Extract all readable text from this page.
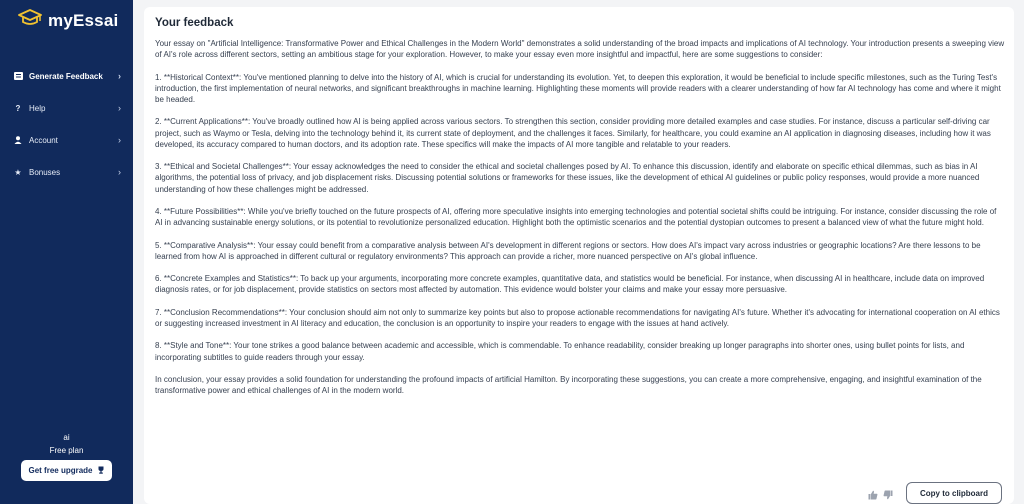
myEssai
Generate Feedback	›
?	Help	›
Account	›
★ Bonuses	›
ai
Free plan
Get free upgrade
Your feedback

Your essay on "Artificial Intelligence: Transformative Power and Ethical Challenges in the Modern World" demonstrates a solid understanding of the broad impacts and implications of AI technology. Your introduction presents a sweeping view of AI's role across different sectors, setting an ambitious stage for your exploration. However, to make your essay even more insightful and impactful, here are some suggestions to consider:

1. **Historical Context**: You've mentioned planning to delve into the history of AI, which is crucial for understanding its evolution. Yet, to deepen this exploration, it would be beneficial to include specific milestones, such as the Turing Test's introduction, the first implementation of neural networks, and significant breakthroughs in machine learning. Highlighting these moments will provide readers with a clearer understanding of how far AI technology has come and where it might be headed.

2. **Current Applications**: You've broadly outlined how AI is being applied across various sectors. To strengthen this section, consider providing more detailed examples and case studies. For instance, discuss a particular self-driving car project, such as Waymo or Tesla, delving into the technology behind it, its current state of deployment, and the challenges it faces. Similarly, for healthcare, you could examine an AI application in diagnosing diseases, including how it was developed, its accuracy compared to human doctors, and its adoption rate. These specifics will make the impacts of AI more tangible and relatable to your readers.

3. **Ethical and Societal Challenges**: Your essay acknowledges the need to consider the ethical and societal challenges posed by AI. To enhance this discussion, identify and elaborate on specific ethical dilemmas, such as bias in AI algorithms, the potential loss of privacy, and job displacement risks. Discussing potential solutions or frameworks for these issues, like the development of ethical AI guidelines or public policy responses, would provide a more nuanced understanding of how these challenges might be addressed.

4. **Future Possibilities**: While you've briefly touched on the future prospects of AI, offering more speculative insights into emerging technologies and potential societal shifts could be intriguing. For instance, consider discussing the role of AI in advancing sustainable energy solutions, or its potential to revolutionize personalized education. Highlight both the optimistic scenarios and the potential dystopian outcomes to present a balanced view of what the future might hold.

5. **Comparative Analysis**: Your essay could benefit from a comparative analysis between AI's development in different regions or sectors. How does AI's impact vary across industries or geographic locations? Are there lessons to be learned from how AI is approached in different cultural or regulatory environments? This approach can provide a richer, more nuanced perspective on AI's global influence.

6. **Concrete Examples and Statistics**: To back up your arguments, incorporating more concrete examples, quantitative data, and statistics would be beneficial. For instance, when discussing AI in healthcare, include data on improved diagnosis rates, or for job displacement, provide statistics on sectors most affected by automation. This evidence would bolster your claims and make your essay more persuasive.

7. **Conclusion Recommendations**: Your conclusion should aim not only to summarize key points but also to propose actionable recommendations for navigating AI's future. Whether it's advocating for international cooperation on AI ethics or suggesting increased investment in AI literacy and education, the conclusion is an opportunity to inspire your readers to engage with the issues at hand actively.

8. **Style and Tone**: Your tone strikes a good balance between academic and accessible, which is commendable. To enhance readability, consider breaking up longer paragraphs into shorter ones, using bullet points for lists, and incorporating subtitles to guide readers through your essay.

In conclusion, your essay provides a solid foundation for understanding the profound impacts of artificial Hamilton. By incorporating these suggestions, you can create a more comprehensive, engaging, and insightful examination of the transformative power and ethical challenges of AI in the modern world.

Copy to clipboard
